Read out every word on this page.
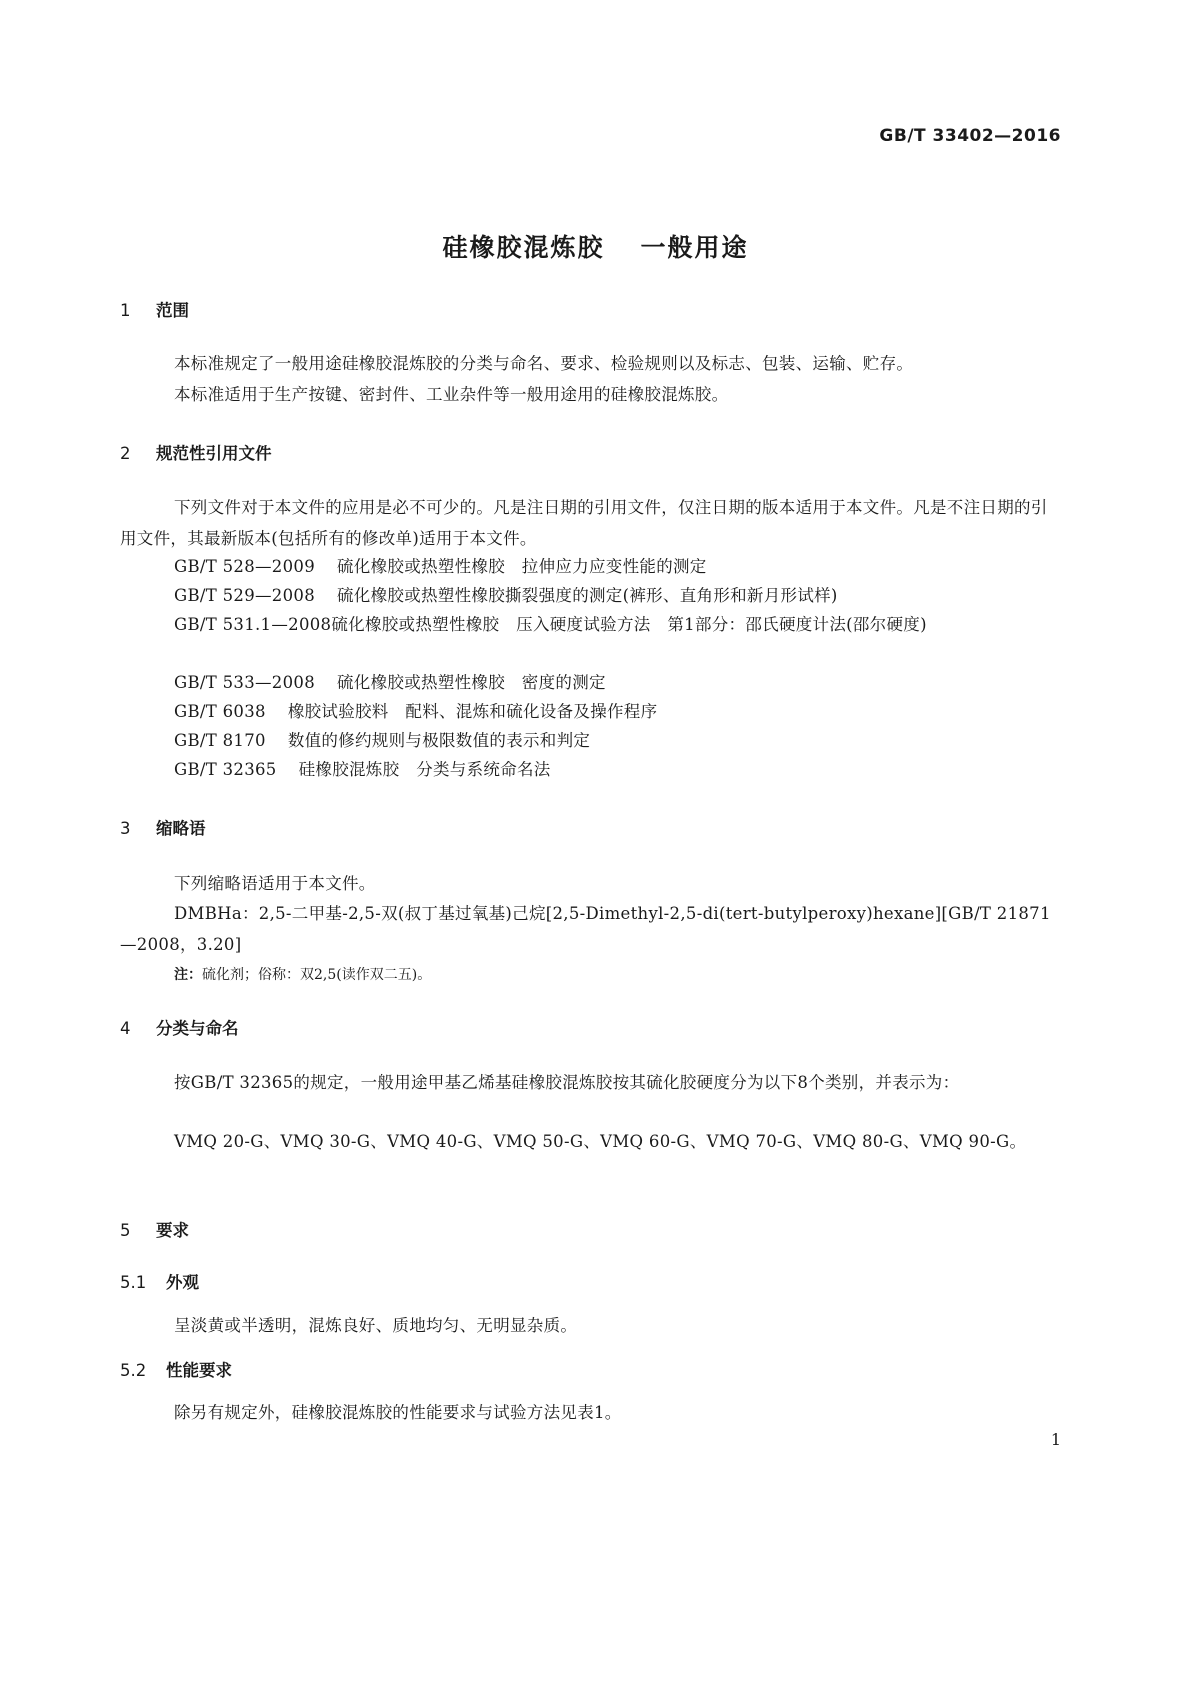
GB/T 33402—2016
硅橡胶混炼胶 一般用途
1 范围
本标准规定了一般用途硅橡胶混炼胶的分类与命名、要求、检验规则以及标志、包装、运输、贮存。
本标准适用于生产按键、密封件、工业杂件等一般用途用的硅橡胶混炼胶。
2 规范性引用文件
下列文件对于本文件的应用是必不可少的。凡是注日期的引用文件，仅注日期的版本适用于本文件。凡是不注日期的引用文件，其最新版本(包括所有的修改单)适用于本文件。
GB/T 528—2009 硫化橡胶或热塑性橡胶　拉伸应力应变性能的测定
GB/T 529—2008 硫化橡胶或热塑性橡胶撕裂强度的测定(裤形、直角形和新月形试样)
GB/T 531.1—2008硫化橡胶或热塑性橡胶　压入硬度试验方法　第1部分：邵氏硬度计法(邵尔硬度)
GB/T 533—2008 硫化橡胶或热塑性橡胶　密度的测定
GB/T 6038 橡胶试验胶料　配料、混炼和硫化设备及操作程序
GB/T 8170 数值的修约规则与极限数值的表示和判定
GB/T 32365 硅橡胶混炼胶　分类与系统命名法
3 缩略语
下列缩略语适用于本文件。
DMBHa：2,5-二甲基-2,5-双(叔丁基过氧基)己烷[2,5-Dimethyl-2,5-di(tert-butylperoxy)hexane][GB/T 21871—2008，3.20]
注：硫化剂；俗称：双2,5(读作双二五)。
4 分类与命名
按GB/T 32365的规定，一般用途甲基乙烯基硅橡胶混炼胶按其硫化胶硬度分为以下8个类别，并表示为：
VMQ 20-G、VMQ 30-G、VMQ 40-G、VMQ 50-G、VMQ 60-G、VMQ 70-G、VMQ 80-G、VMQ 90-G。
5 要求
5.1 外观
呈淡黄或半透明，混炼良好、质地均匀、无明显杂质。
5.2 性能要求
除另有规定外，硅橡胶混炼胶的性能要求与试验方法见表1。
1
